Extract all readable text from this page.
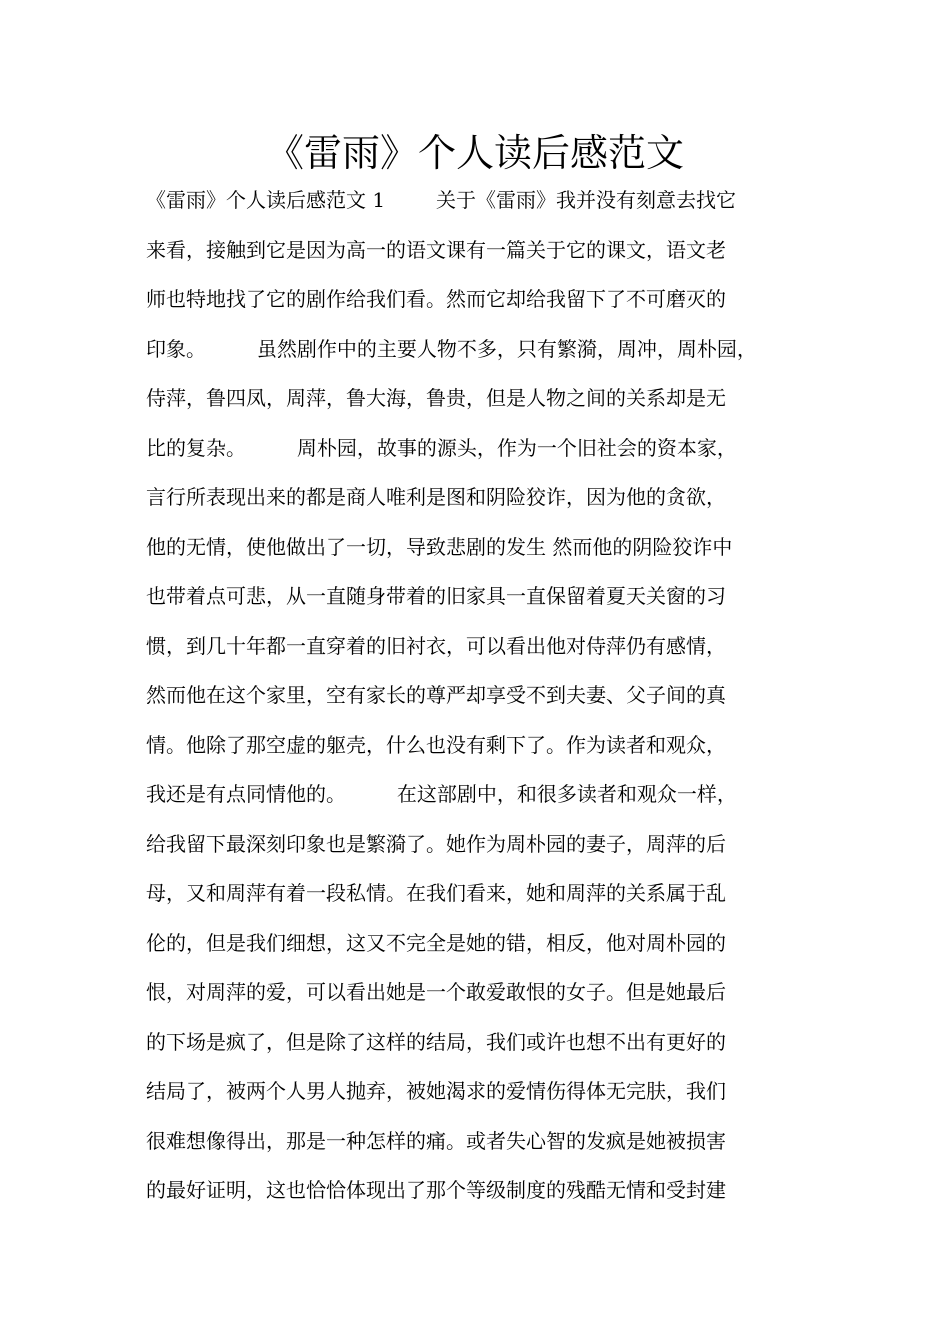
《雷雨》个人读后感范文
《雷雨》个人读后感范文 1        关于《雷雨》我并没有刻意去找它
来看，接触到它是因为高一的语文课有一篇关于它的课文，语文老
师也特地找了它的剧作给我们看。然而它却给我留下了不可磨灭的
印象。        虽然剧作中的主要人物不多，只有繁漪，周冲，周朴园，
侍萍，鲁四凤，周萍，鲁大海，鲁贵，但是人物之间的关系却是无
比的复杂。        周朴园，故事的源头，作为一个旧社会的资本家，
言行所表现出来的都是商人唯利是图和阴险狡诈，因为他的贪欲，
他的无情，使他做出了一切，导致悲剧的发生 然而他的阴险狡诈中
也带着点可悲，从一直随身带着的旧家具一直保留着夏天关窗的习
惯，到几十年都一直穿着的旧衬衣，可以看出他对侍萍仍有感情，
然而他在这个家里，空有家长的尊严却享受不到夫妻、父子间的真
情。他除了那空虚的躯壳，什么也没有剩下了。作为读者和观众，
我还是有点同情他的。        在这部剧中，和很多读者和观众一样，
给我留下最深刻印象也是繁漪了。她作为周朴园的妻子，周萍的后
母，又和周萍有着一段私情。在我们看来，她和周萍的关系属于乱
伦的，但是我们细想，这又不完全是她的错，相反，他对周朴园的
恨，对周萍的爱，可以看出她是一个敢爱敢恨的女子。但是她最后
的下场是疯了，但是除了这样的结局，我们或许也想不出有更好的
结局了，被两个人男人抛弃，被她渴求的爱情伤得体无完肤，我们
很难想像得出，那是一种怎样的痛。或者失心智的发疯是她被损害
的最好证明，这也恰恰体现出了那个等级制度的残酷无情和受封建
